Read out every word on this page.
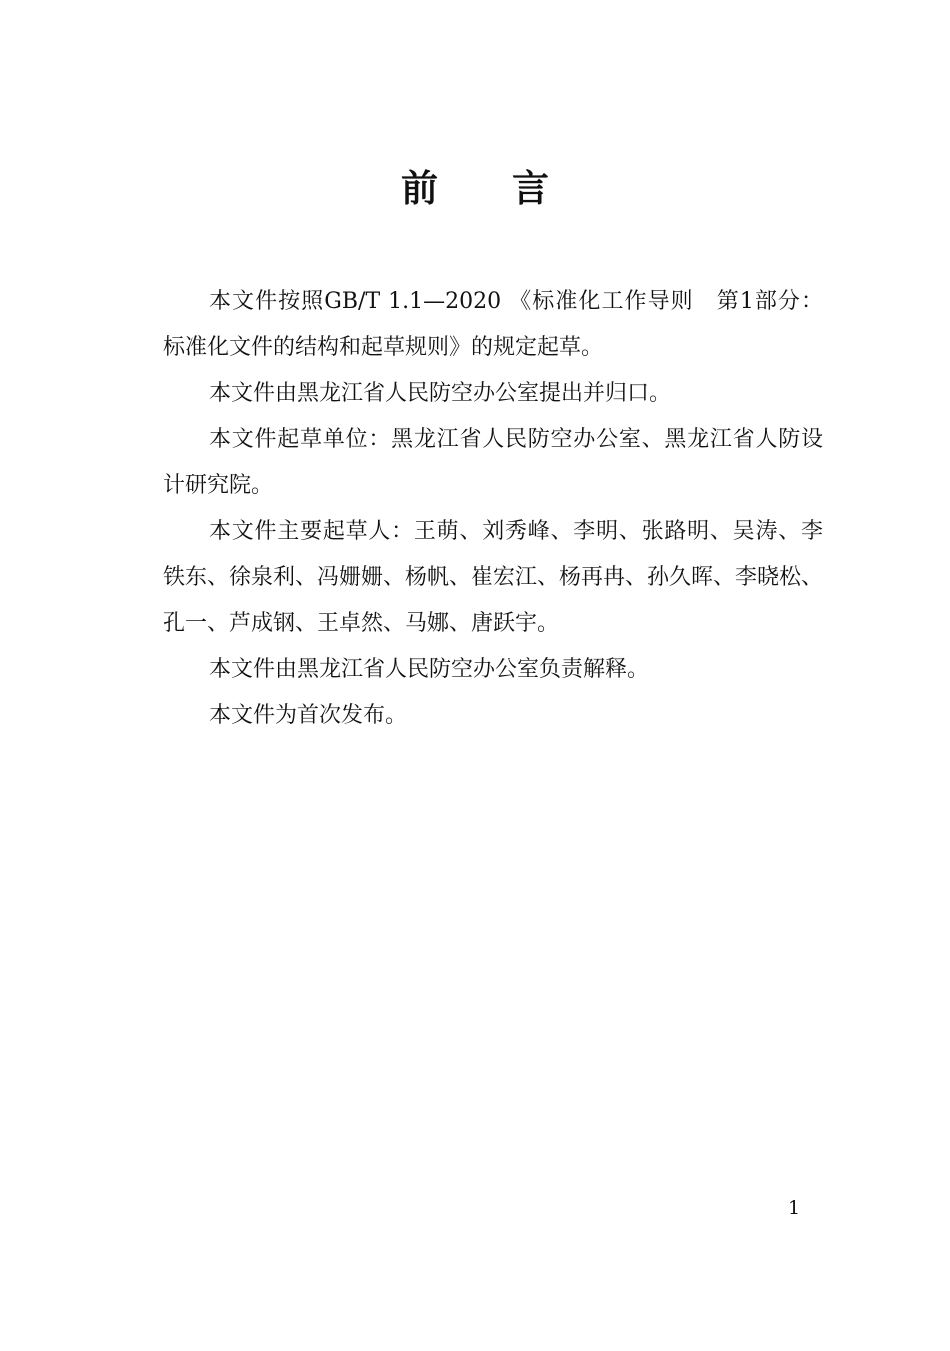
前 言

本文件按照GB/T 1.1—2020 《标准化工作导则　第1部分：标准化文件的结构和起草规则》的规定起草。

本文件由黑龙江省人民防空办公室提出并归口。

本文件起草单位：黑龙江省人民防空办公室、黑龙江省人防设计研究院。

本文件主要起草人：王萌、刘秀峰、李明、张路明、吴涛、李铁东、徐泉利、冯姗姗、杨帆、崔宏江、杨再冉、孙久晖、李晓松、孔一、芦成钢、王卓然、马娜、唐跃宇。

本文件由黑龙江省人民防空办公室负责解释。

本文件为首次发布。

1
